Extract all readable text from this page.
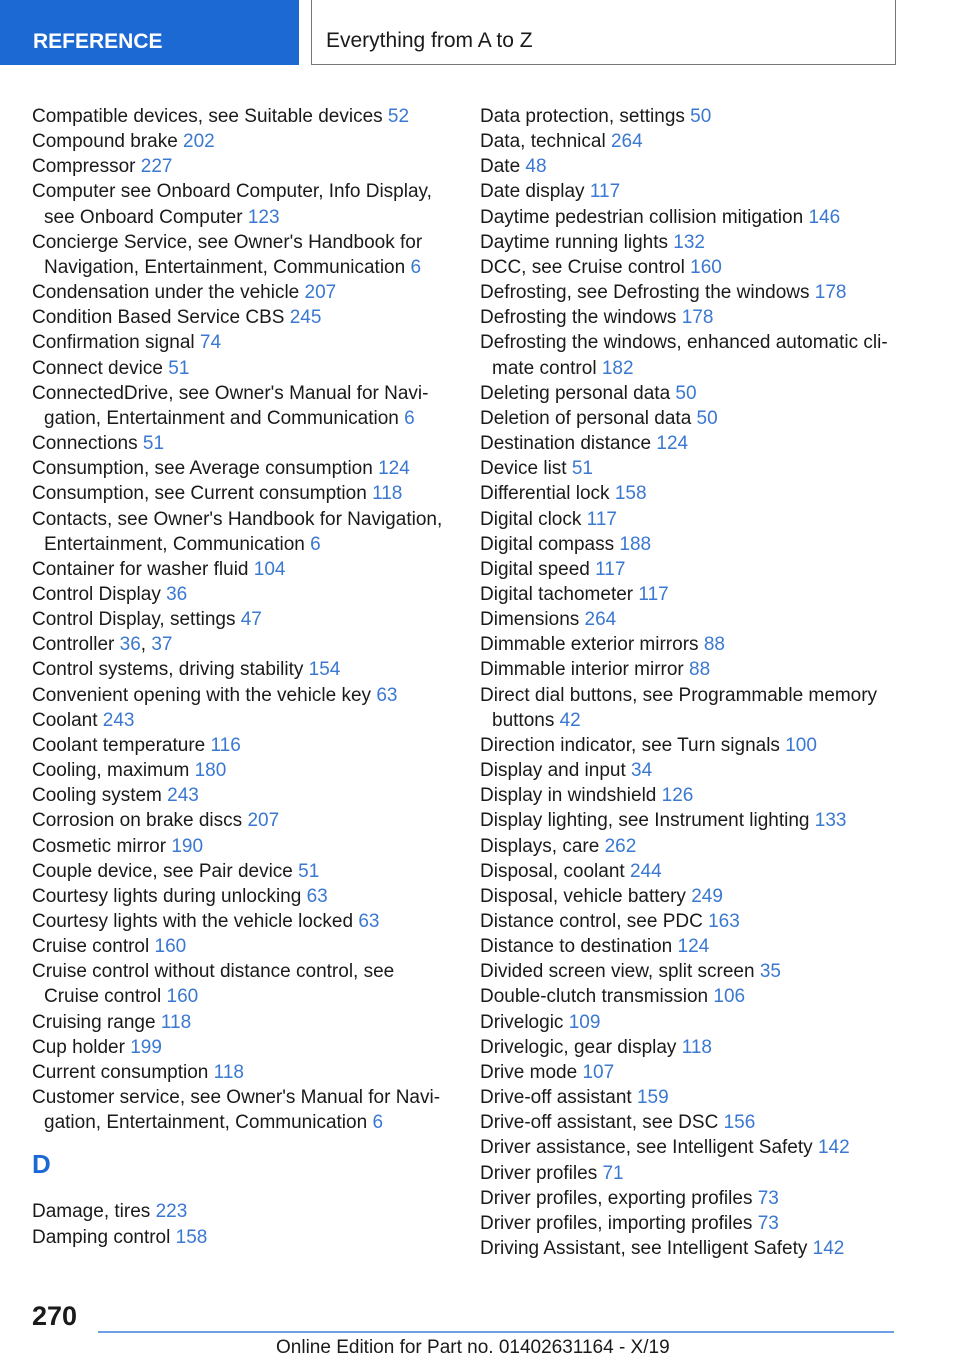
REFERENCE	Everything from A to Z
Compatible devices, see Suitable devices 52
Compound brake 202
Compressor 227
Computer see Onboard Computer, Info Display,
see Onboard Computer 123
Concierge Service, see Owner's Handbook for
Navigation, Entertainment, Communication 6
Condensation under the vehicle 207
Condition Based Service CBS 245
Confirmation signal 74
Connect device 51
ConnectedDrive, see Owner's Manual for Navi‐
gation, Entertainment and Communication 6
Connections 51
Consumption, see Average consumption 124
Consumption, see Current consumption 118
Contacts, see Owner's Handbook for Navigation,
Entertainment, Communication 6
Container for washer fluid 104
Control Display 36
Control Display, settings 47
Controller 36, 37
Control systems, driving stability 154
Convenient opening with the vehicle key 63
Coolant 243
Coolant temperature 116
Cooling, maximum 180
Cooling system 243
Corrosion on brake discs 207
Cosmetic mirror 190
Couple device, see Pair device 51
Courtesy lights during unlocking 63
Courtesy lights with the vehicle locked 63
Cruise control 160
Cruise control without distance control, see
Cruise control 160
Cruising range 118
Cup holder 199
Current consumption 118
Customer service, see Owner's Manual for Navi‐
gation, Entertainment, Communication 6
D
Damage, tires 223
Damping control 158
Data protection, settings 50
Data, technical 264
Date 48
Date display 117
Daytime pedestrian collision mitigation 146
Daytime running lights 132
DCC, see Cruise control 160
Defrosting, see Defrosting the windows 178
Defrosting the windows 178
Defrosting the windows, enhanced automatic cli‐
mate control 182
Deleting personal data 50
Deletion of personal data 50
Destination distance 124
Device list 51
Differential lock 158
Digital clock 117
Digital compass 188
Digital speed 117
Digital tachometer 117
Dimensions 264
Dimmable exterior mirrors 88
Dimmable interior mirror 88
Direct dial buttons, see Programmable memory
buttons 42
Direction indicator, see Turn signals 100
Display and input 34
Display in windshield 126
Display lighting, see Instrument lighting 133
Displays, care 262
Disposal, coolant 244
Disposal, vehicle battery 249
Distance control, see PDC 163
Distance to destination 124
Divided screen view, split screen 35
Double-clutch transmission 106
Drivelogic 109
Drivelogic, gear display 118
Drive mode 107
Drive-off assistant 159
Drive-off assistant, see DSC 156
Driver assistance, see Intelligent Safety 142
Driver profiles 71
Driver profiles, exporting profiles 73
Driver profiles, importing profiles 73
Driving Assistant, see Intelligent Safety 142
270
Online Edition for Part no. 01402631164 - X/19
